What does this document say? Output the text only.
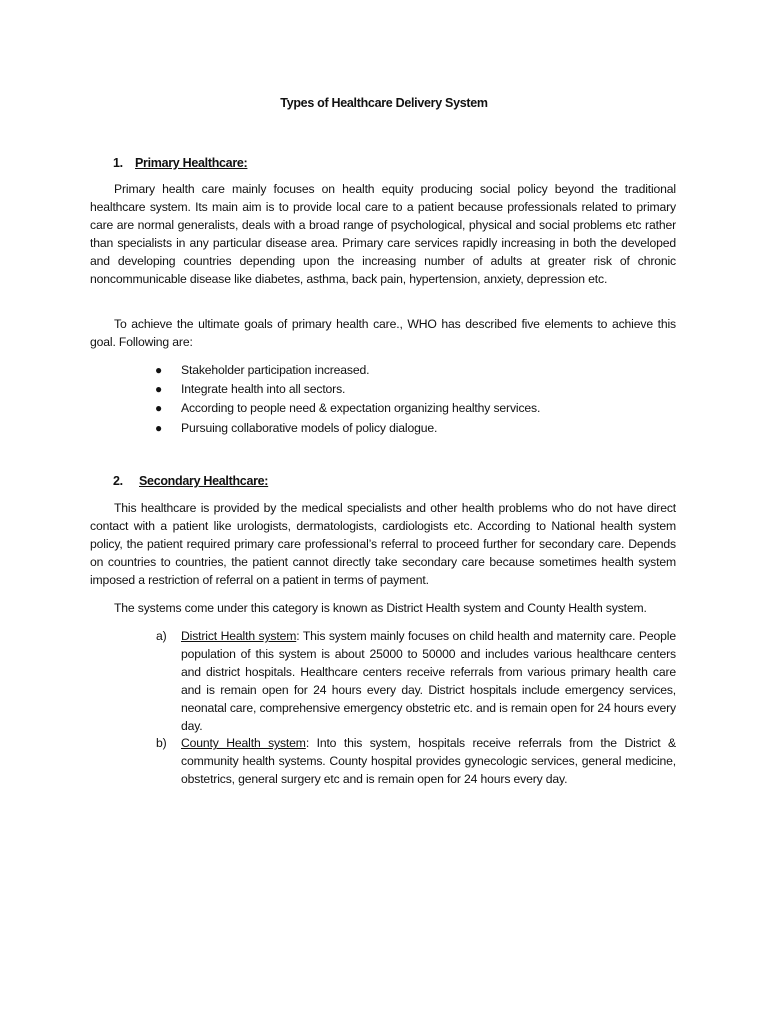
Types of Healthcare Delivery System
1. Primary Healthcare:

Primary health care mainly focuses on health equity producing social policy beyond the traditional healthcare system. Its main aim is to provide local care to a patient because professionals related to primary care are normal generalists, deals with a broad range of psychological, physical and social problems etc rather than specialists in any particular disease area. Primary care services rapidly increasing in both the developed and developing countries depending upon the increasing number of adults at greater risk of chronic noncommunicable disease like diabetes, asthma, back pain, hypertension, anxiety, depression etc.

To achieve the ultimate goals of primary health care., WHO has described five elements to achieve this goal. Following are:

● Stakeholder participation increased.
● Integrate health into all sectors.
● According to people need & expectation organizing healthy services.
● Pursuing collaborative models of policy dialogue.
2. Secondary Healthcare:

This healthcare is provided by the medical specialists and other health problems who do not have direct contact with a patient like urologists, dermatologists, cardiologists etc. According to National health system policy, the patient required primary care professional’s referral to proceed further for secondary care. Depends on countries to countries, the patient cannot directly take secondary care because sometimes health system imposed a restriction of referral on a patient in terms of payment.

The systems come under this category is known as District Health system and County Health system.

a) District Health system: This system mainly focuses on child health and maternity care. People population of this system is about 25000 to 50000 and includes various healthcare centers and district hospitals. Healthcare centers receive referrals from various primary health care and is remain open for 24 hours every day. District hospitals include emergency services, neonatal care, comprehensive emergency obstetric etc. and is remain open for 24 hours every day.
b) County Health system: Into this system, hospitals receive referrals from the District & community health systems. County hospital provides gynecologic services, general medicine, obstetrics, general surgery etc and is remain open for 24 hours every day.
